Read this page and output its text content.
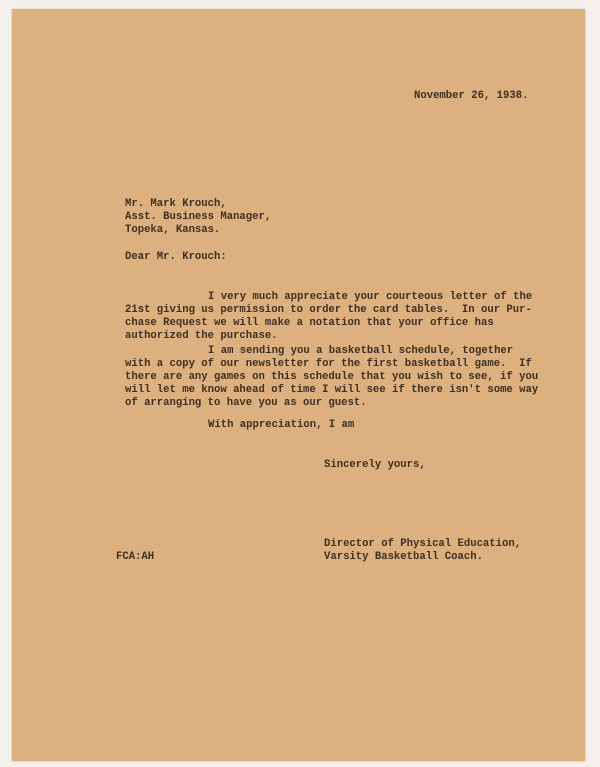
November 26, 1938.
Mr. Mark Krouch,
Asst. Business Manager,
Topeka, Kansas.
Dear Mr. Krouch:
I very much appreciate your courteous letter of the
21st giving us permission to order the card tables.  In our Pur-
chase Request we will make a notation that your office has
authorized the purchase.
I am sending you a basketball schedule, together
with a copy of our newsletter for the first basketball game.  If
there are any games on this schedule that you wish to see, if you
will let me know ahead of time I will see if there isn't some way
of arranging to have you as our guest.
With appreciation, I am
Sincerely yours,
Director of Physical Education,
Varsity Basketball Coach.
FCA:AH
